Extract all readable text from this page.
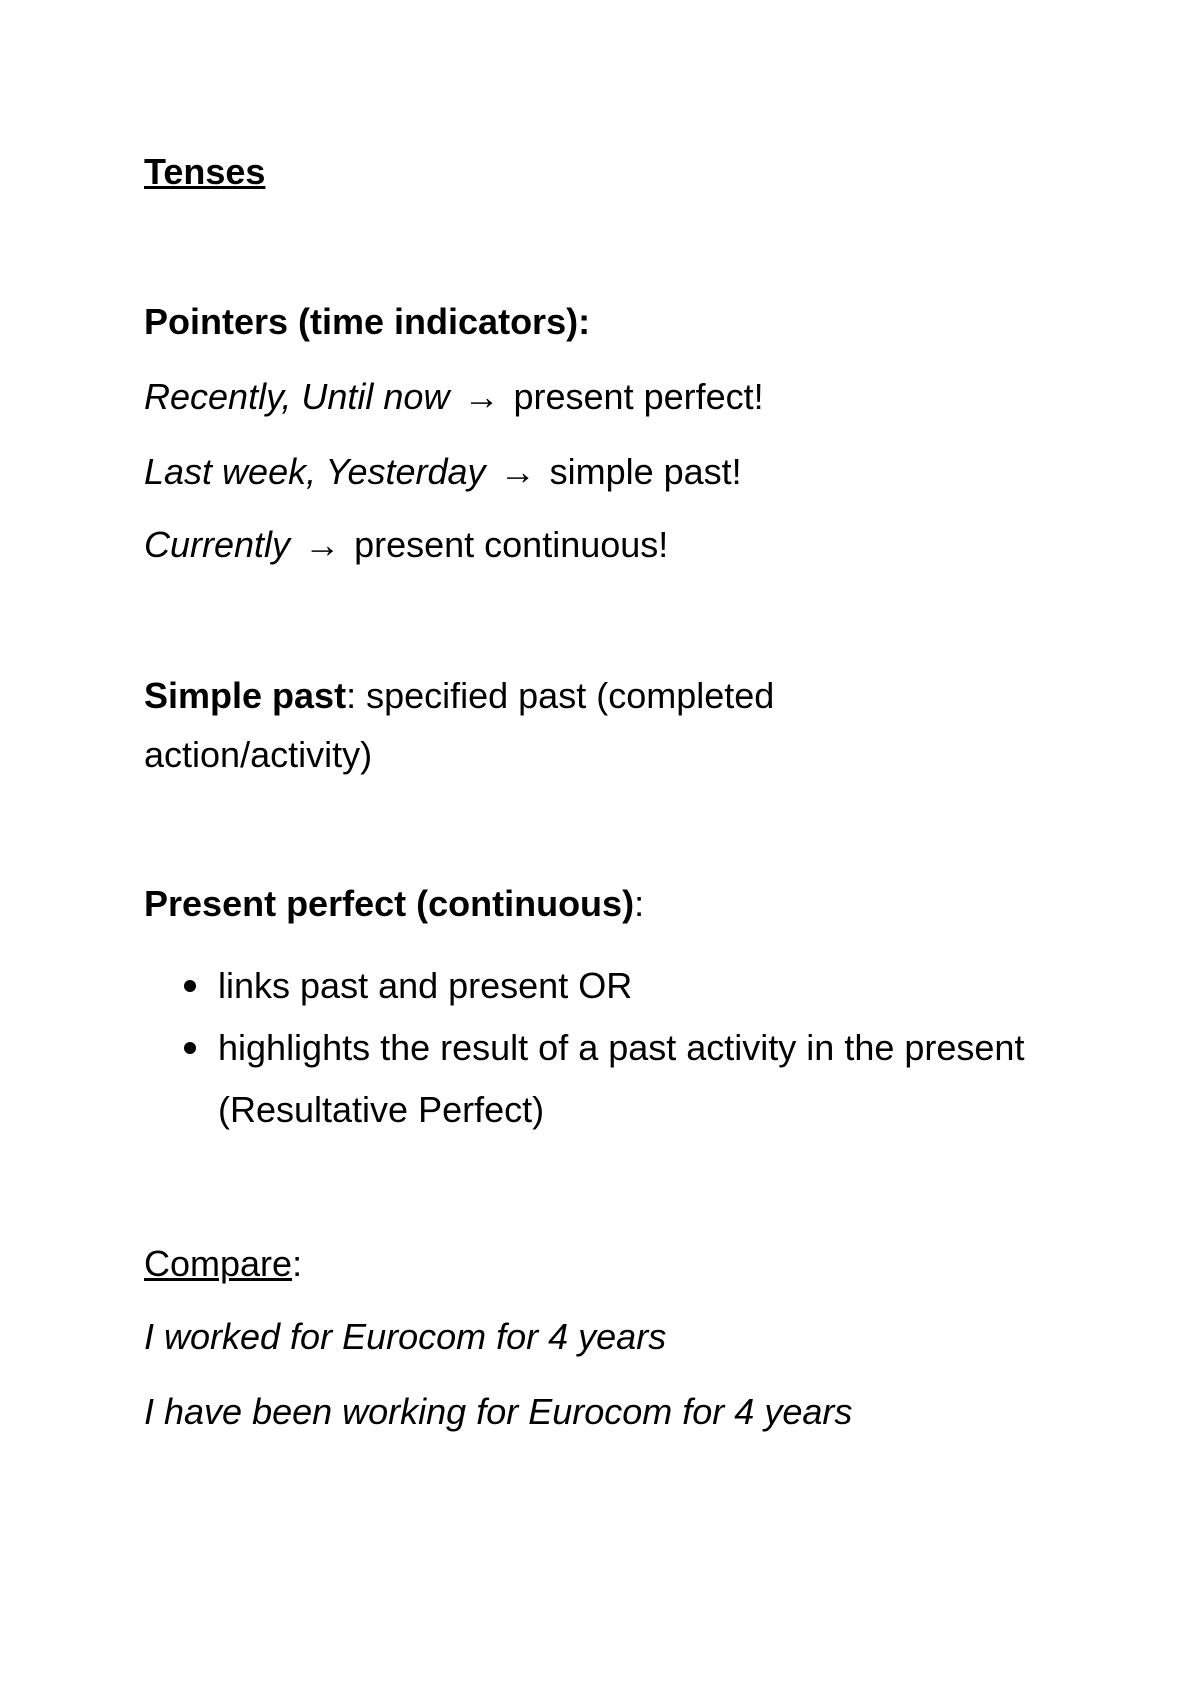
Tenses
Pointers (time indicators):
Recently, Until now → present perfect!
Last week, Yesterday → simple past!
Currently → present continuous!
Simple past: specified past (completed
action/activity)
Present perfect (continuous):
links past and present OR
highlights the result of a past activity in the present (Resultative Perfect)
Compare:
I worked for Eurocom for 4 years
I have been working for Eurocom for 4 years
